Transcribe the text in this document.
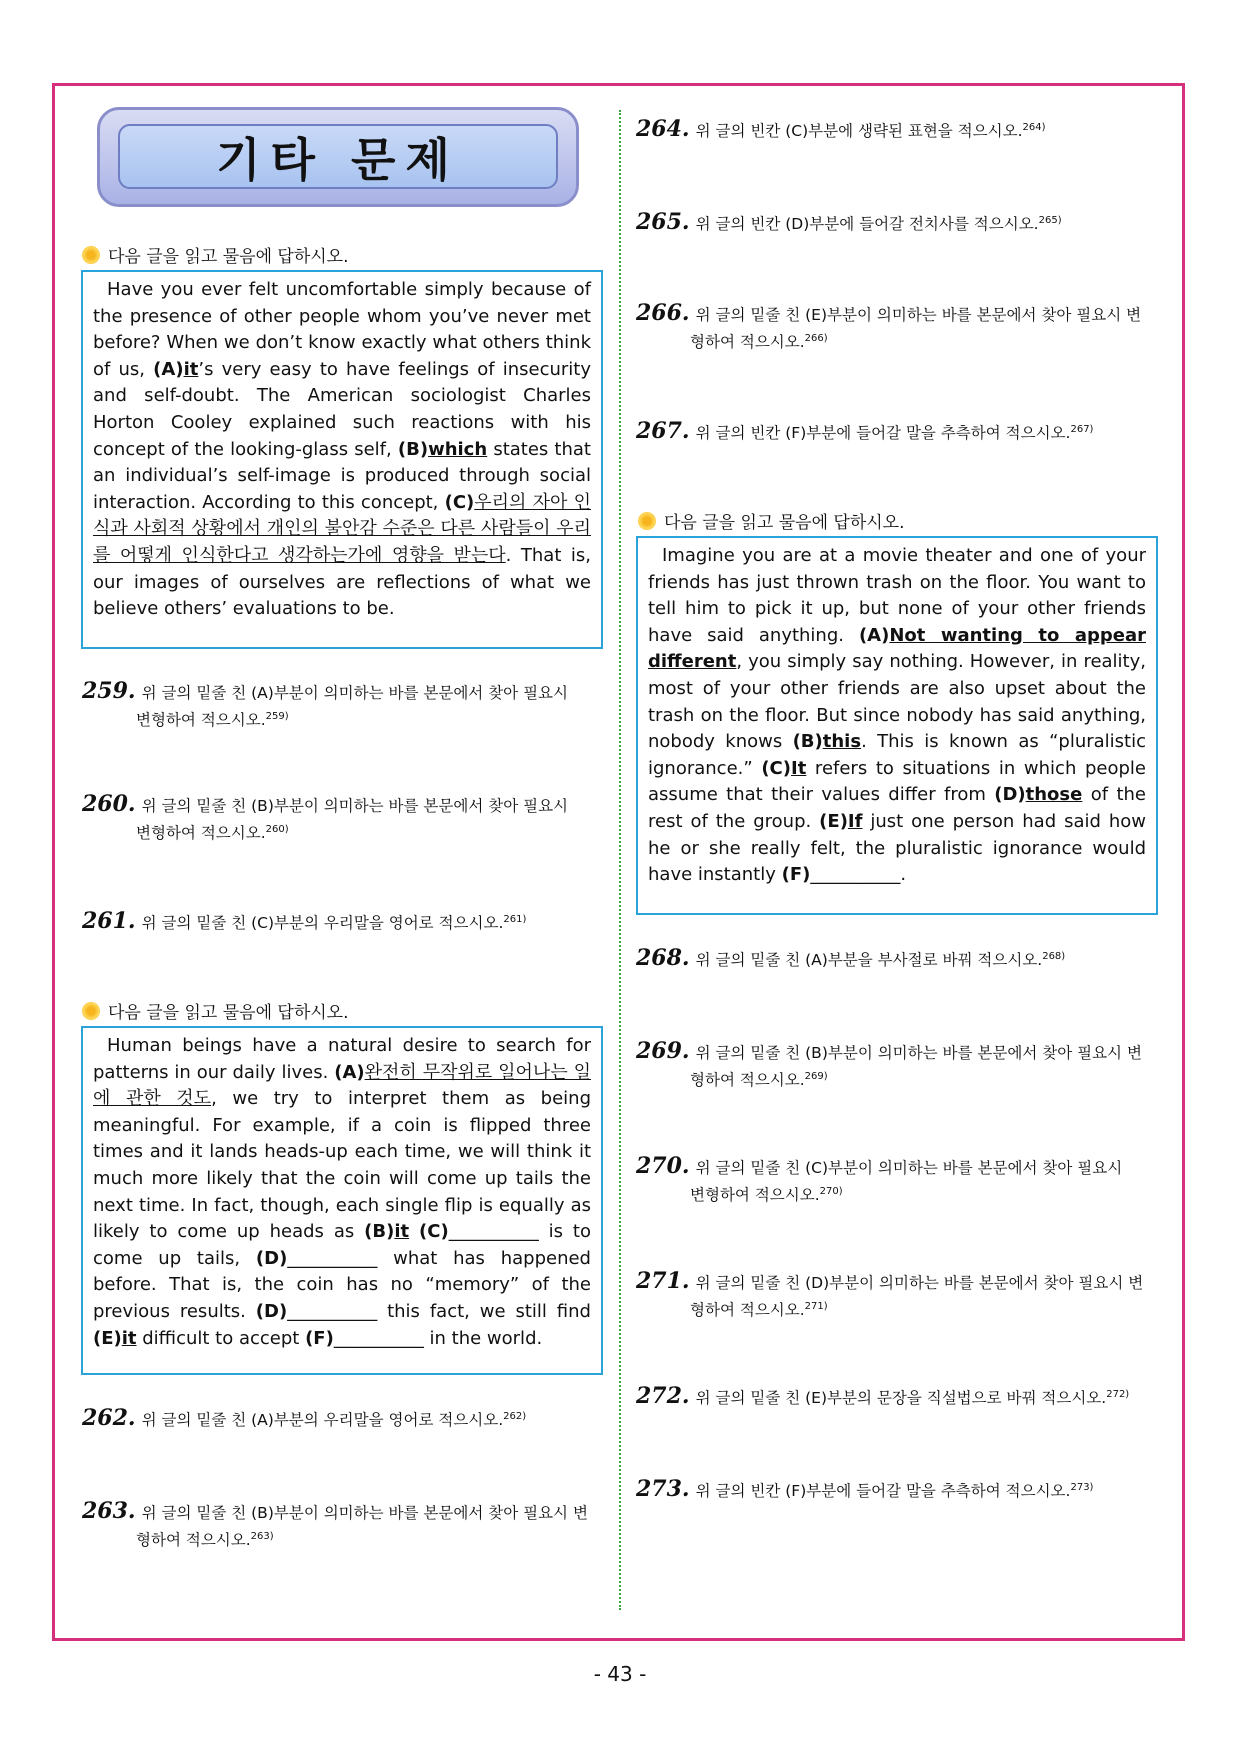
기타 문제
다음 글을 읽고 물음에 답하시오.
Have you ever felt uncomfortable simply because of the presence of other people whom you’ve never met before? When we don’t know exactly what others think of us, (A)it’s very easy to have feelings of insecurity and self-doubt. The American sociologist Charles Horton Cooley explained such reactions with his concept of the looking-glass self, (B)which states that an individual’s self-image is produced through social interaction. According to this concept, (C)우리의 자아 인식과 사회적 상황에서 개인의 불안감 수준은 다른 사람들이 우리를 어떻게 인식한다고 생각하는가에 영향을 받는다. That is, our images of ourselves are reflections of what we believe others’ evaluations to be.
259. 위 글의 밑줄 친 (A)부분이 의미하는 바를 본문에서 찾아 필요시
변형하여 적으시오.$^{259)}$
260. 위 글의 밑줄 친 (B)부분이 의미하는 바를 본문에서 찾아 필요시
변형하여 적으시오.$^{260)}$
261. 위 글의 밑줄 친 (C)부분의 우리말을 영어로 적으시오.$^{261)}$
다음 글을 읽고 물음에 답하시오.
Human beings have a natural desire to search for patterns in our daily lives. (A)완전히 무작위로 일어나는 일에 관한 것도, we try to interpret them as being meaningful. For example, if a coin is flipped three times and it lands heads-up each time, we will think it much more likely that the coin will come up tails the next time. In fact, though, each single flip is equally as likely to come up heads as (B)it (C)__________ is to come up tails, (D)__________ what has happened before. That is, the coin has no “memory” of the previous results. (D)__________ this fact, we still find (E)it difficult to accept (F)__________ in the world.
262. 위 글의 밑줄 친 (A)부분의 우리말을 영어로 적으시오.$^{262)}$
263. 위 글의 밑줄 친 (B)부분이 의미하는 바를 본문에서 찾아 필요시 변
형하여 적으시오.$^{263)}$
264. 위 글의 빈칸 (C)부분에 생략된 표현을 적으시오.$^{264)}$
265. 위 글의 빈칸 (D)부분에 들어갈 전치사를 적으시오.$^{265)}$
266. 위 글의 밑줄 친 (E)부분이 의미하는 바를 본문에서 찾아 필요시 변
형하여 적으시오.$^{266)}$
267. 위 글의 빈칸 (F)부분에 들어갈 말을 추측하여 적으시오.$^{267)}$
다음 글을 읽고 물음에 답하시오.
Imagine you are at a movie theater and one of your friends has just thrown trash on the floor. You want to tell him to pick it up, but none of your other friends have said anything. (A)Not wanting to appear different, you simply say nothing. However, in reality, most of your other friends are also upset about the trash on the floor. But since nobody has said anything, nobody knows (B)this. This is known as “pluralistic ignorance.” (C)It refers to situations in which people assume that their values differ from (D)those of the rest of the group. (E)If just one person had said how he or she really felt, the pluralistic ignorance would have instantly (F)__________.
268. 위 글의 밑줄 친 (A)부분을 부사절로 바꿔 적으시오.$^{268)}$
269. 위 글의 밑줄 친 (B)부분이 의미하는 바를 본문에서 찾아 필요시 변
형하여 적으시오.$^{269)}$
270. 위 글의 밑줄 친 (C)부분이 의미하는 바를 본문에서 찾아 필요시
변형하여 적으시오.$^{270)}$
271. 위 글의 밑줄 친 (D)부분이 의미하는 바를 본문에서 찾아 필요시 변
형하여 적으시오.$^{271)}$
272. 위 글의 밑줄 친 (E)부분의 문장을 직설법으로 바꿔 적으시오.$^{272)}$
273. 위 글의 빈칸 (F)부분에 들어갈 말을 추측하여 적으시오.$^{273)}$
- 43 -
